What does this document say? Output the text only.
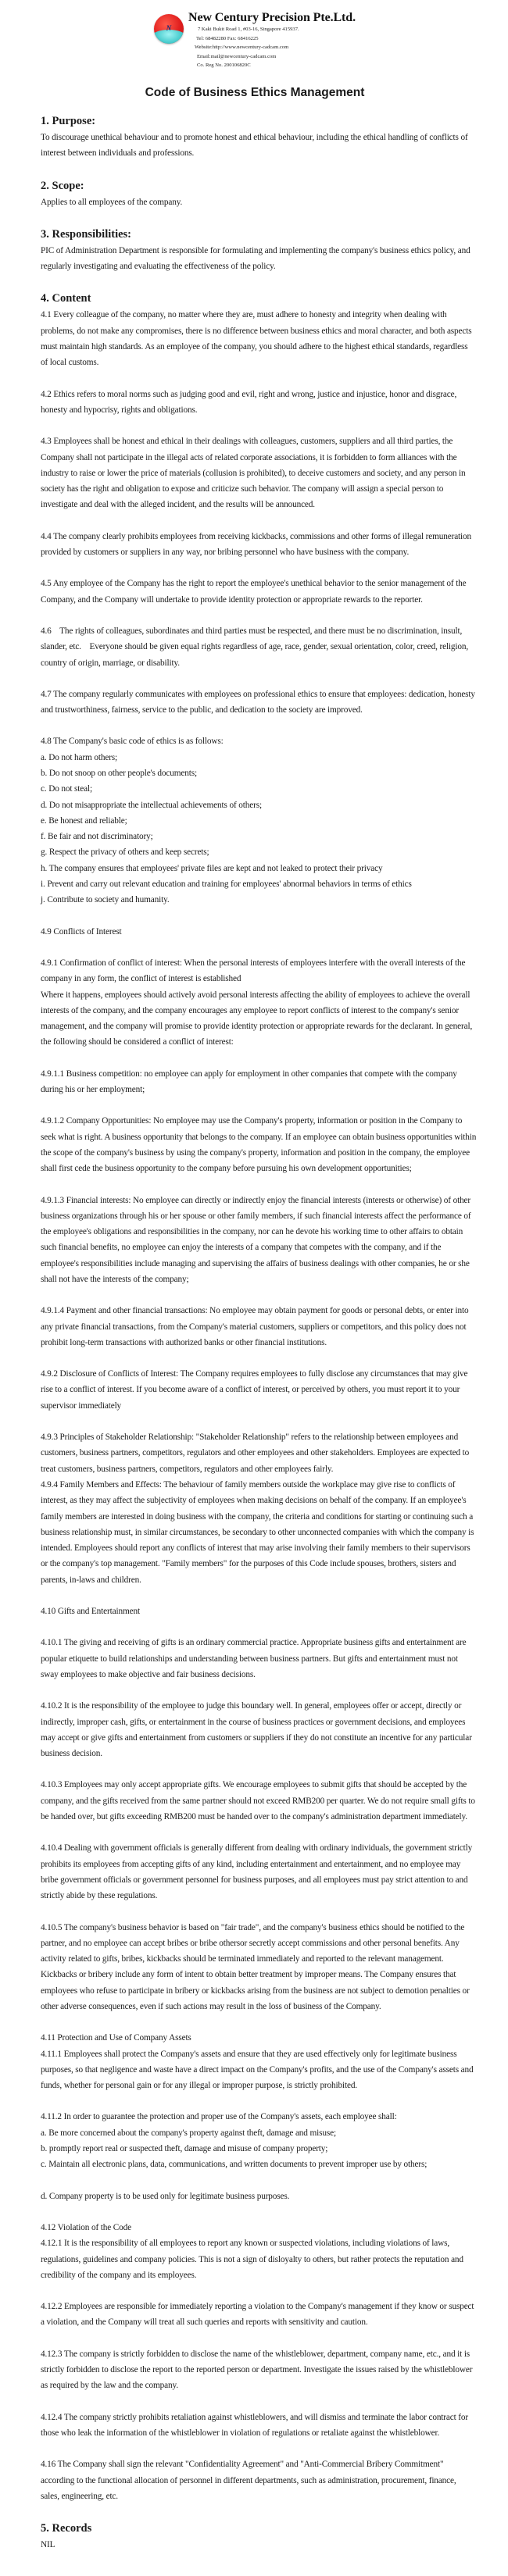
N
New Century Precision Pte.Ltd.
7 Kaki Bukit Road 1, #03-16, Singapore 415937.
Tel: 68482280 Fax: 68416225
Website:http://www.newcentury-cadcam.com
Email:mail@newcentury-cadcam.com
Co. Reg No. 200106820C
Code of Business Ethics Management
1. Purpose:

To discourage unethical behaviour and to promote honest and ethical behaviour, including the ethical handling of conflicts of interest between individuals and professions.

2. Scope:

Applies to all employees of the company.

3. Responsibilities:

PIC of Administration Department is responsible for formulating and implementing the company's business ethics policy, and regularly investigating and evaluating the effectiveness of the policy.

4. Content

4.1 Every colleague of the company, no matter where they are, must adhere to honesty and integrity when dealing with problems, do not make any compromises, there is no difference between business ethics and moral character, and both aspects must maintain high standards. As an employee of the company, you should adhere to the highest ethical standards, regardless of local customs.

4.2 Ethics refers to moral norms such as judging good and evil, right and wrong, justice and injustice, honor and disgrace, honesty and hypocrisy, rights and obligations.

4.3 Employees shall be honest and ethical in their dealings with colleagues, customers, suppliers and all third parties, the Company shall not participate in the illegal acts of related corporate associations, it is forbidden to form alliances with the industry to raise or lower the price of materials (collusion is prohibited), to deceive customers and society, and any person in society has the right and obligation to expose and criticize such behavior. The company will assign a special person to investigate and deal with the alleged incident, and the results will be announced.

4.4 The company clearly prohibits employees from receiving kickbacks, commissions and other forms of illegal remuneration provided by customers or suppliers in any way, nor bribing personnel who have business with the company.

4.5 Any employee of the Company has the right to report the employee's unethical behavior to the senior management of the Company, and the Company will undertake to provide identity protection or appropriate rewards to the reporter.

4.6    The rights of colleagues, subordinates and third parties must be respected, and there must be no discrimination, insult, slander, etc.    Everyone should be given equal rights regardless of age, race, gender, sexual orientation, color, creed, religion, country of origin, marriage, or disability.

4.7 The company regularly communicates with employees on professional ethics to ensure that employees: dedication, honesty and trustworthiness, fairness, service to the public, and dedication to the society are improved.

4.8 The Company's basic code of ethics is as follows:

a. Do not harm others;
b. Do not snoop on other people's documents;
c. Do not steal;
d. Do not misappropriate the intellectual achievements of others;
e. Be honest and reliable;
f. Be fair and not discriminatory;
g. Respect the privacy of others and keep secrets;
h. The company ensures that employees' private files are kept and not leaked to protect their privacy
i. Prevent and carry out relevant education and training for employees' abnormal behaviors in terms of ethics
j. Contribute to society and humanity.

4.9 Conflicts of Interest

4.9.1 Confirmation of conflict of interest: When the personal interests of employees interfere with the overall interests of the company in any form, the conflict of interest is established

Where it happens, employees should actively avoid personal interests affecting the ability of employees to achieve the overall interests of the company, and the company encourages any employee to report conflicts of interest to the company's senior management, and the company will promise to provide identity protection or appropriate rewards for the declarant. In general, the following should be considered a conflict of interest:

4.9.1.1 Business competition: no employee can apply for employment in other companies that compete with the company during his or her employment;

4.9.1.2 Company Opportunities: No employee may use the Company's property, information or position in the Company to seek what is right. A business opportunity that belongs to the company. If an employee can obtain business opportunities within the scope of the company's business by using the company's property, information and position in the company, the employee shall first cede the business opportunity to the company before pursuing his own development opportunities;

4.9.1.3 Financial interests: No employee can directly or indirectly enjoy the financial interests (interests or otherwise) of other business organizations through his or her spouse or other family members, if such financial interests affect the performance of the employee's obligations and responsibilities in the company, nor can he devote his working time to other affairs to obtain such financial benefits, no employee can enjoy the interests of a company that competes with the company, and if the employee's responsibilities include managing and supervising the affairs of business dealings with other companies, he or she shall not have the interests of the company;

4.9.1.4 Payment and other financial transactions: No employee may obtain payment for goods or personal debts, or enter into any private financial transactions, from the Company's material customers, suppliers or competitors, and this policy does not prohibit long-term transactions with authorized banks or other financial institutions.

4.9.2 Disclosure of Conflicts of Interest: The Company requires employees to fully disclose any circumstances that may give rise to a conflict of interest. If you become aware of a conflict of interest, or perceived by others, you must report it to your supervisor immediately

4.9.3 Principles of Stakeholder Relationship: "Stakeholder Relationship" refers to the relationship between employees and customers, business partners, competitors, regulators and other employees and other stakeholders. Employees are expected to treat customers, business partners, competitors, regulators and other employees fairly.

4.9.4 Family Members and Effects: The behaviour of family members outside the workplace may give rise to conflicts of interest, as they may affect the subjectivity of employees when making decisions on behalf of the company. If an employee's family members are interested in doing business with the company, the criteria and conditions for starting or continuing such a business relationship must, in similar circumstances, be secondary to other unconnected companies with which the company is intended. Employees should report any conflicts of interest that may arise involving their family members to their supervisors or the company's top management. "Family members" for the purposes of this Code include spouses, brothers, sisters and parents, in-laws and children.

4.10 Gifts and Entertainment

4.10.1 The giving and receiving of gifts is an ordinary commercial practice. Appropriate business gifts and entertainment are popular etiquette to build relationships and understanding between business partners. But gifts and entertainment must not sway employees to make objective and fair business decisions.

4.10.2 It is the responsibility of the employee to judge this boundary well. In general, employees offer or accept, directly or indirectly, improper cash, gifts, or entertainment in the course of business practices or government decisions, and employees may accept or give gifts and entertainment from customers or suppliers if they do not constitute an incentive for any particular business decision.

4.10.3 Employees may only accept appropriate gifts. We encourage employees to submit gifts that should be accepted by the company, and the gifts received from the same partner should not exceed RMB200 per quarter. We do not require small gifts to be handed over, but gifts exceeding RMB200 must be handed over to the company's administration department immediately.

4.10.4 Dealing with government officials is generally different from dealing with ordinary individuals, the government strictly prohibits its employees from accepting gifts of any kind, including entertainment and entertainment, and no employee may bribe government officials or government personnel for business purposes, and all employees must pay strict attention to and strictly abide by these regulations.

4.10.5 The company's business behavior is based on "fair trade", and the company's business ethics should be notified to the partner, and no employee can accept bribes or bribe othersor secretly accept commissions and other personal benefits. Any activity related to gifts, bribes, kickbacks should be terminated immediately and reported to the relevant management. Kickbacks or bribery include any form of intent to obtain better treatment by improper means. The Company ensures that employees who refuse to participate in bribery or kickbacks arising from the business are not subject to demotion penalties or other adverse consequences, even if such actions may result in the loss of business of the Company.

4.11 Protection and Use of Company Assets

4.11.1 Employees shall protect the Company's assets and ensure that they are used effectively only for legitimate business purposes, so that negligence and waste have a direct impact on the Company's profits, and the use of the Company's assets and funds, whether for personal gain or for any illegal or improper purpose, is strictly prohibited.

4.11.2 In order to guarantee the protection and proper use of the Company's assets, each employee shall:

a. Be more concerned about the company's property against theft, damage and misuse;
b. promptly report real or suspected theft, damage and misuse of company property;
c. Maintain all electronic plans, data, communications, and written documents to prevent improper use by others;

d. Company property is to be used only for legitimate business purposes.

4.12 Violation of the Code

4.12.1 It is the responsibility of all employees to report any known or suspected violations, including violations of laws, regulations, guidelines and company policies. This is not a sign of disloyalty to others, but rather protects the reputation and credibility of the company and its employees.

4.12.2 Employees are responsible for immediately reporting a violation to the Company's management if they know or suspect a violation, and the Company will treat all such queries and reports with sensitivity and caution.

4.12.3 The company is strictly forbidden to disclose the name of the whistleblower, department, company name, etc., and it is strictly forbidden to disclose the report to the reported person or department. Investigate the issues raised by the whistleblower as required by the law and the company.

4.12.4 The company strictly prohibits retaliation against whistleblowers, and will dismiss and terminate the labor contract for those who leak the information of the whistleblower in violation of regulations or retaliate against the whistleblower.

4.16 The Company shall sign the relevant "Confidentiality Agreement" and "Anti-Commercial Bribery Commitment" according to the functional allocation of personnel in different departments, such as administration, procurement, finance, sales, engineering, etc.

5. Records

NIL
